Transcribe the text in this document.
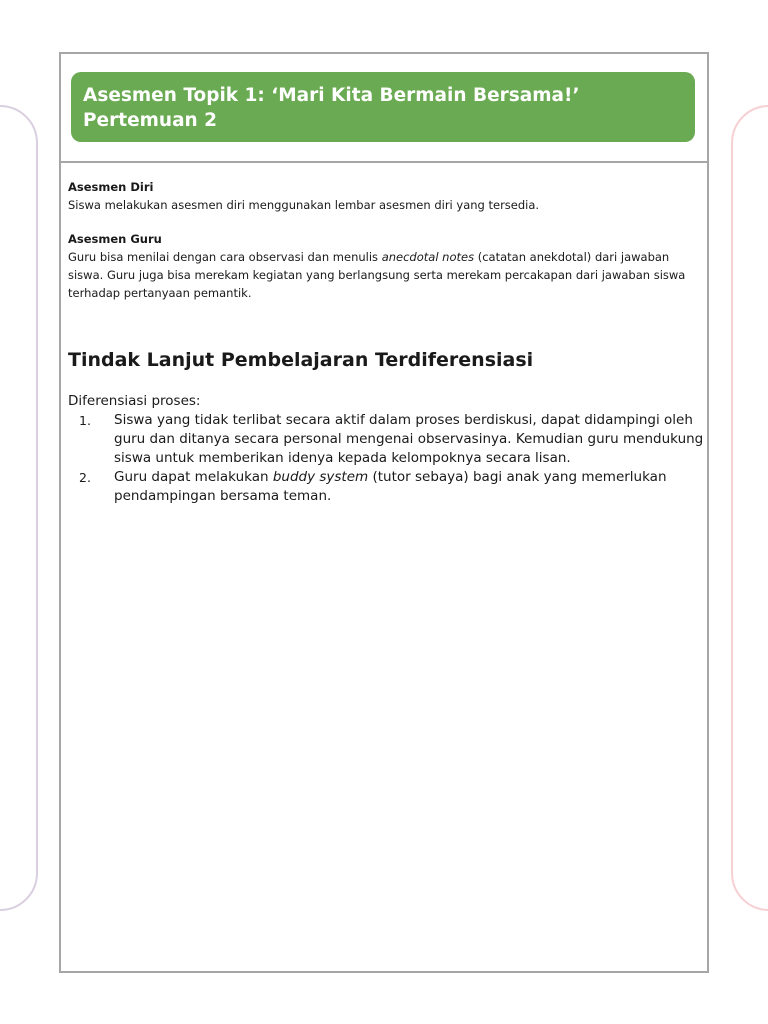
Asesmen Topik 1: ‘Mari Kita Bermain Bersama!’
Pertemuan 2
Asesmen Diri
Siswa melakukan asesmen diri menggunakan lembar asesmen diri yang tersedia.
Asesmen Guru
Guru bisa menilai dengan cara observasi dan menulis anecdotal notes (catatan anekdotal) dari jawaban siswa. Guru juga bisa merekam kegiatan yang berlangsung serta merekam percakapan dari jawaban siswa terhadap pertanyaan pemantik.
Tindak Lanjut Pembelajaran Terdiferensiasi
Diferensiasi proses:
1. Siswa yang tidak terlibat secara aktif dalam proses berdiskusi, dapat didampingi oleh guru dan ditanya secara personal mengenai observasinya. Kemudian guru mendukung siswa untuk memberikan idenya kepada kelompoknya secara lisan.
2. Guru dapat melakukan buddy system (tutor sebaya) bagi anak yang memerlukan pendampingan bersama teman.
